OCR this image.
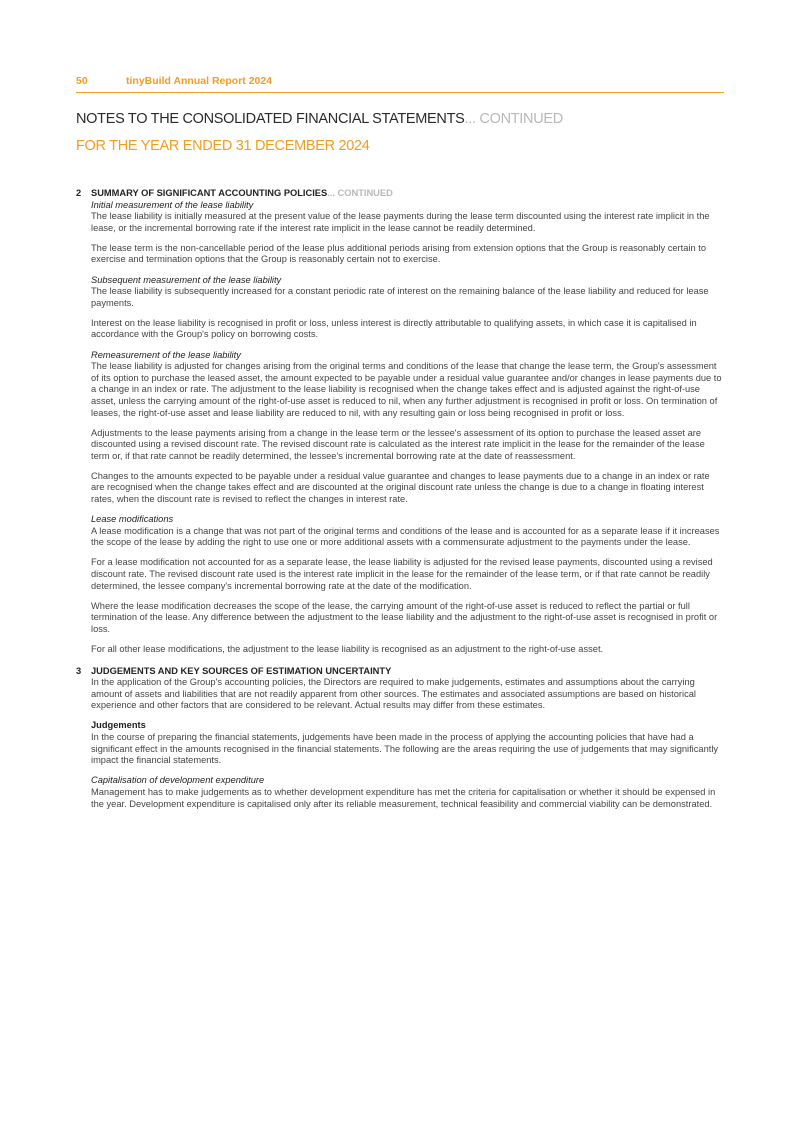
50	tinyBuild Annual Report 2024
NOTES TO THE CONSOLIDATED FINANCIAL STATEMENTS... CONTINUED
FOR THE YEAR ENDED 31 DECEMBER 2024
2 SUMMARY OF SIGNIFICANT ACCOUNTING POLICIES... CONTINUED
Initial measurement of the lease liability

The lease liability is initially measured at the present value of the lease payments during the lease term discounted using the interest rate implicit in the lease, or the incremental borrowing rate if the interest rate implicit in the lease cannot be readily determined.

The lease term is the non-cancellable period of the lease plus additional periods arising from extension options that the Group is reasonably certain to exercise and termination options that the Group is reasonably certain not to exercise.

Subsequent measurement of the lease liability

The lease liability is subsequently increased for a constant periodic rate of interest on the remaining balance of the lease liability and reduced for lease payments.

Interest on the lease liability is recognised in profit or loss, unless interest is directly attributable to qualifying assets, in which case it is capitalised in accordance with the Group's policy on borrowing costs.

Remeasurement of the lease liability

The lease liability is adjusted for changes arising from the original terms and conditions of the lease that change the lease term, the Group's assessment of its option to purchase the leased asset, the amount expected to be payable under a residual value guarantee and/or changes in lease payments due to a change in an index or rate. The adjustment to the lease liability is recognised when the change takes effect and is adjusted against the right-of-use asset, unless the carrying amount of the right-of-use asset is reduced to nil, when any further adjustment is recognised in profit or loss. On termination of leases, the right-of-use asset and lease liability are reduced to nil, with any resulting gain or loss being recognised in profit or loss.

Adjustments to the lease payments arising from a change in the lease term or the lessee's assessment of its option to purchase the leased asset are discounted using a revised discount rate. The revised discount rate is calculated as the interest rate implicit in the lease for the remainder of the lease term or, if that rate cannot be readily determined, the lessee's incremental borrowing rate at the date of reassessment.

Changes to the amounts expected to be payable under a residual value guarantee and changes to lease payments due to a change in an index or rate are recognised when the change takes effect and are discounted at the original discount rate unless the change is due to a change in floating interest rates, when the discount rate is revised to reflect the changes in interest rate.

Lease modifications

A lease modification is a change that was not part of the original terms and conditions of the lease and is accounted for as a separate lease if it increases the scope of the lease by adding the right to use one or more additional assets with a commensurate adjustment to the payments under the lease.

For a lease modification not accounted for as a separate lease, the lease liability is adjusted for the revised lease payments, discounted using a revised discount rate. The revised discount rate used is the interest rate implicit in the lease for the remainder of the lease term, or if that rate cannot be readily determined, the lessee company's incremental borrowing rate at the date of the modification.

Where the lease modification decreases the scope of the lease, the carrying amount of the right-of-use asset is reduced to reflect the partial or full termination of the lease. Any difference between the adjustment to the lease liability and the adjustment to the right-of-use asset is recognised in profit or loss.

For all other lease modifications, the adjustment to the lease liability is recognised as an adjustment to the right-of-use asset.

3 JUDGEMENTS AND KEY SOURCES OF ESTIMATION UNCERTAINTY

In the application of the Group's accounting policies, the Directors are required to make judgements, estimates and assumptions about the carrying amount of assets and liabilities that are not readily apparent from other sources. The estimates and associated assumptions are based on historical experience and other factors that are considered to be relevant. Actual results may differ from these estimates.

Judgements

In the course of preparing the financial statements, judgements have been made in the process of applying the accounting policies that have had a significant effect in the amounts recognised in the financial statements. The following are the areas requiring the use of judgements that may significantly impact the financial statements.

Capitalisation of development expenditure

Management has to make judgements as to whether development expenditure has met the criteria for capitalisation or whether it should be expensed in the year. Development expenditure is capitalised only after its reliable measurement, technical feasibility and commercial viability can be demonstrated.
